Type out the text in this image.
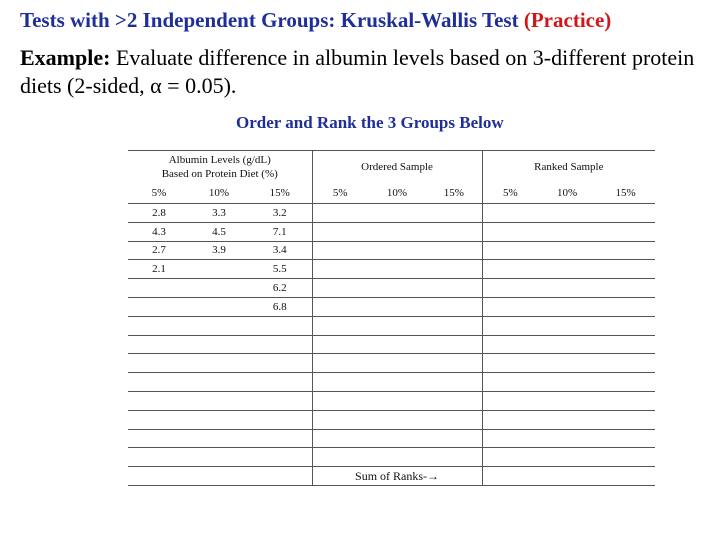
Tests with >2 Independent Groups: Kruskal-Wallis Test (Practice)

Example: Evaluate difference in albumin levels based on 3-different protein diets (2-sided, α = 0.05).

Order and Rank the 3 Groups Below

Albumin Levels (g/dL)
Based on Protein Diet (%)			Ordered Sample			Ranked Sample		
5%	10%	15%	5%	10%	15%	5%	10%	15%
2.8	3.3	3.2						
4.3	4.5	7.1						
2.7	3.9	3.4						
2.1		5.5						
		6.2						
		6.8						

			Sum of Ranks-→					
